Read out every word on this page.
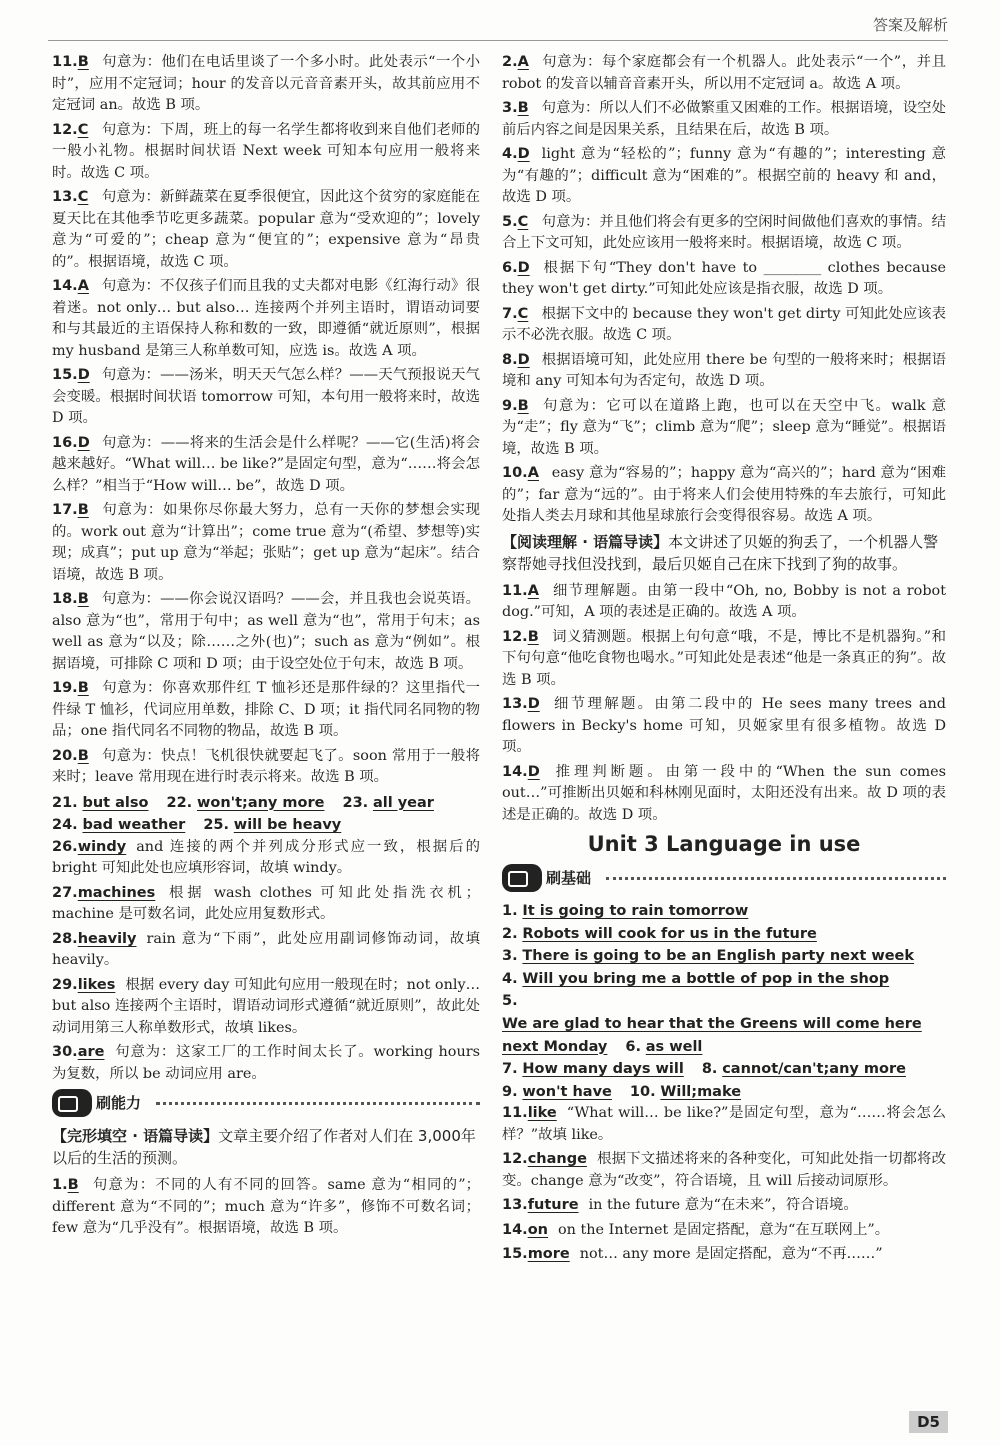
答案及解析
11.B 句意为：他们在电话里谈了一个多小时。此处表示“一个小时”，应用不定冠词；hour 的发音以元音音素开头，故其前应用不定冠词 an。故选 B 项。
12.C 句意为：下周，班上的每一名学生都将收到来自他们老师的一般小礼物。根据时间状语 Next week 可知本句应用一般将来时。故选 C 项。
13.C 句意为：新鲜蔬菜在夏季很便宜，因此这个贫穷的家庭能在夏天比在其他季节吃更多蔬菜。popular 意为“受欢迎的”；lovely 意为“可爱的”；cheap 意为“便宜的”；expensive 意为“昂贵的”。根据语境，故选 C 项。
14.A 句意为：不仅孩子们而且我的丈夫都对电影《红海行动》很着迷。not only… but also… 连接两个并列主语时，谓语动词要和与其最近的主语保持人称和数的一致，即遵循“就近原则”，根据 my husband 是第三人称单数可知，应选 is。故选 A 项。
15.D 句意为：——汤米，明天天气怎么样？——天气预报说天气会变暖。根据时间状语 tomorrow 可知，本句用一般将来时，故选 D 项。
16.D 句意为：——将来的生活会是什么样呢？——它(生活)将会越来越好。“What will… be like?”是固定句型，意为“……将会怎么样？”相当于“How will… be”，故选 D 项。
17.B 句意为：如果你尽你最大努力，总有一天你的梦想会实现的。work out 意为“计算出”；come true 意为“(希望、梦想等)实现；成真”；put up 意为“举起；张贴”；get up 意为“起床”。结合语境，故选 B 项。
18.B 句意为：——你会说汉语吗？——会，并且我也会说英语。also 意为“也”，常用于句中；as well 意为“也”，常用于句末；as well as 意为“以及；除……之外(也)”；such as 意为“例如”。根据语境，可排除 C 项和 D 项；由于设空处位于句末，故选 B 项。
19.B 句意为：你喜欢那件红 T 恤衫还是那件绿的？这里指代一件绿 T 恤衫，代词应用单数，排除 C、D 项；it 指代同名同物的物品；one 指代同名不同物的物品，故选 B 项。
20.B 句意为：快点！飞机很快就要起飞了。soon 常用于一般将来时；leave 常用现在进行时表示将来。故选 B 项。
21. but also 22. won't;any more 23. all year
24. bad weather 25. will be heavy
26.windy and 连接的两个并列成分形式应一致，根据后的 bright 可知此处也应填形容词，故填 windy。
27.machines 根据 wash clothes 可知此处指洗衣机；machine 是可数名词，此处应用复数形式。
28.heavily rain 意为“下雨”，此处应用副词修饰动词，故填 heavily。
29.likes 根据 every day 可知此句应用一般现在时；not only… but also 连接两个主语时，谓语动词形式遵循“就近原则”，故此处动词用第三人称单数形式，故填 likes。
30.are 句意为：这家工厂的工作时间太长了。working hours 为复数，所以 be 动词应用 are。
刷能力
【完形填空 · 语篇导读】文章主要介绍了作者对人们在 3,000年以后的生活的预测。
1.B 句意为：不同的人有不同的回答。same 意为“相同的”；different 意为“不同的”；much 意为“许多”，修饰不可数名词；few 意为“几乎没有”。根据语境，故选 B 项。
2.A 句意为：每个家庭都会有一个机器人。此处表示“一个”，并且 robot 的发音以辅音音素开头，所以用不定冠词 a。故选 A 项。
3.B 句意为：所以人们不必做繁重又困难的工作。根据语境，设空处前后内容之间是因果关系，且结果在后，故选 B 项。
4.D light 意为“轻松的”；funny 意为“有趣的”；interesting 意为“有趣的”；difficult 意为“困难的”。根据空前的 heavy 和 and，故选 D 项。
5.C 句意为：并且他们将会有更多的空闲时间做他们喜欢的事情。结合上下文可知，此处应该用一般将来时。根据语境，故选 C 项。
6.D 根据下句“They don't have to ________ clothes because they won't get dirty.”可知此处应该是指衣服，故选 D 项。
7.C 根据下文中的 because they won't get dirty 可知此处应该表示不必洗衣服。故选 C 项。
8.D 根据语境可知，此处应用 there be 句型的一般将来时；根据语境和 any 可知本句为否定句，故选 D 项。
9.B 句意为：它可以在道路上跑，也可以在天空中飞。walk 意为“走”；fly 意为“飞”；climb 意为“爬”；sleep 意为“睡觉”。根据语境，故选 B 项。
10.A easy 意为“容易的”；happy 意为“高兴的”；hard 意为“困难的”；far 意为“远的”。由于将来人们会使用特殊的车去旅行，可知此处指人类去月球和其他星球旅行会变得很容易。故选 A 项。
【阅读理解 · 语篇导读】本文讲述了贝姬的狗丢了，一个机器人警察帮她寻找但没找到，最后贝姬自己在床下找到了狗的故事。
11.A 细节理解题。由第一段中“Oh, no, Bobby is not a robot dog.”可知，A 项的表述是正确的。故选 A 项。
12.B 词义猜测题。根据上句句意“哦，不是，博比不是机器狗。”和下句句意“他吃食物也喝水。”可知此处是表述“他是一条真正的狗”。故选 B 项。
13.D 细节理解题。由第二段中的 He sees many trees and flowers in Becky's home 可知，贝姬家里有很多植物。故选 D 项。
14.D 推理判断题。由第一段中的“When the sun comes out…”可推断出贝姬和科林刚见面时，太阳还没有出来。故 D 项的表述是正确的。故选 D 项。
Unit 3 Language in use
刷基础
1. It is going to rain tomorrow
2. Robots will cook for us in the future
3. There is going to be an English party next week
4. Will you bring me a bottle of pop in the shop
5. We are glad to hear that the Greens will come here
next Monday 6. as well
7. How many days will 8. cannot/can't;any more
9. won't have 10. Will;make
11.like “What will… be like?”是固定句型，意为“……将会怎么样？”故填 like。
12.change 根据下文描述将来的各种变化，可知此处指一切都将改变。change 意为“改变”，符合语境，且 will 后接动词原形。
13.future in the future 意为“在未来”，符合语境。
14.on on the Internet 是固定搭配，意为“在互联网上”。
15.more not… any more 是固定搭配，意为“不再……”
D5
